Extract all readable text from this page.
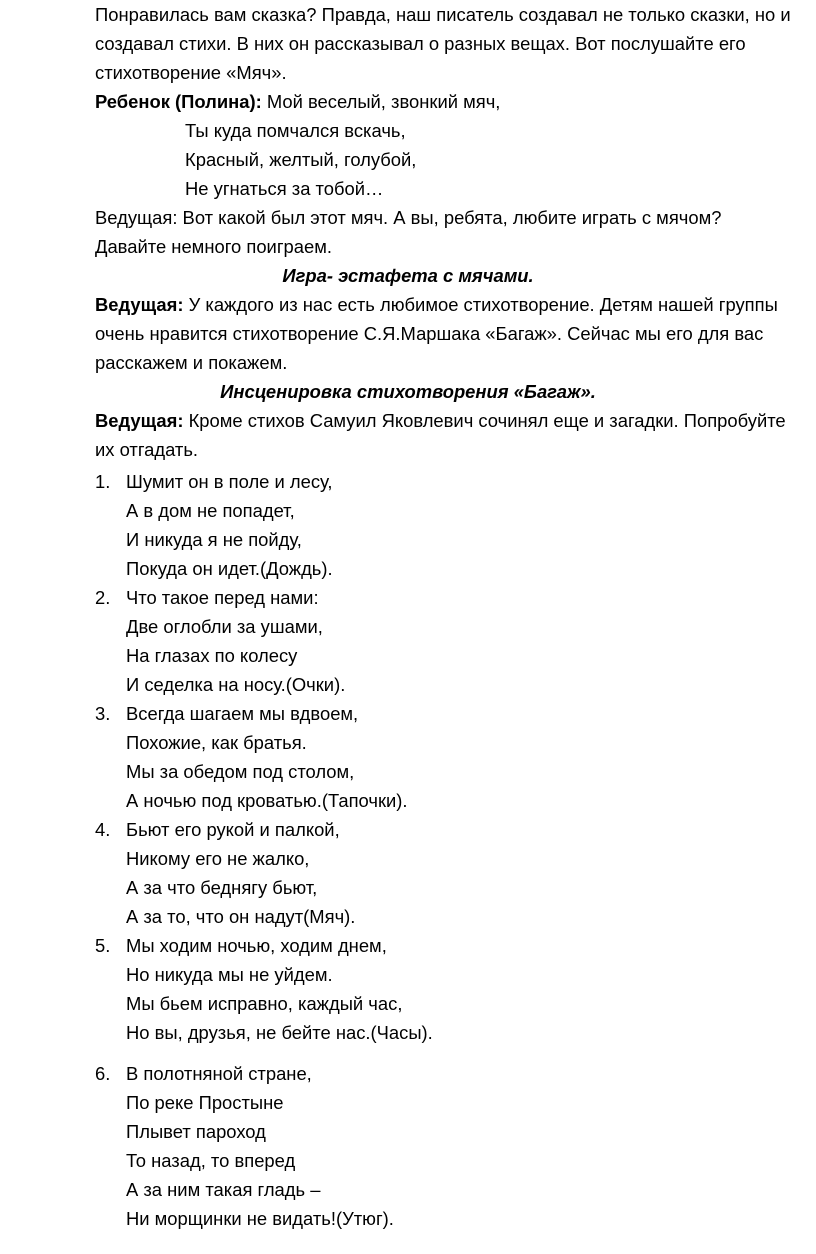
Понравилась вам сказка? Правда, наш писатель создавал не только сказки, но и
создавал стихи. В них он рассказывал о разных вещах. Вот послушайте его
стихотворение «Мяч».
Ребенок (Полина): Мой веселый, звонкий мяч,
Ты куда помчался вскачь,
Красный, желтый, голубой,
Не угнаться за тобой…
Ведущая: Вот какой был этот мяч. А вы, ребята, любите играть с мячом?
Давайте немного поиграем.
Игра- эстафета с мячами.
Ведущая: У каждого из нас есть любимое стихотворение. Детям нашей группы
очень нравится стихотворение С.Я.Маршака «Багаж». Сейчас мы его для вас
расскажем и покажем.
Инсценировка стихотворения «Багаж».
Ведущая: Кроме стихов Самуил Яковлевич сочинял еще и загадки. Попробуйте
их отгадать.
1. Шумит он в поле и лесу,
А в дом не попадет,
И никуда я не пойду,
Покуда он идет.(Дождь).
2. Что такое перед нами:
Две оглобли за ушами,
На глазах по колесу
И седелка на носу.(Очки).
3. Всегда шагаем мы вдвоем,
Похожие, как братья.
Мы за обедом под столом,
А ночью под кроватью.(Тапочки).
4. Бьют его рукой и палкой,
Никому его не жалко,
А за что беднягу бьют,
А за то, что он надут(Мяч).
5. Мы ходим ночью, ходим днем,
Но никуда мы не уйдем.
Мы бьем исправно, каждый час,
Но вы, друзья, не бейте нас.(Часы).
6. В полотняной стране,
По реке Простыне
Плывет пароход
То назад, то вперед
А за ним такая гладь –
Ни морщинки не видать!(Утюг).
